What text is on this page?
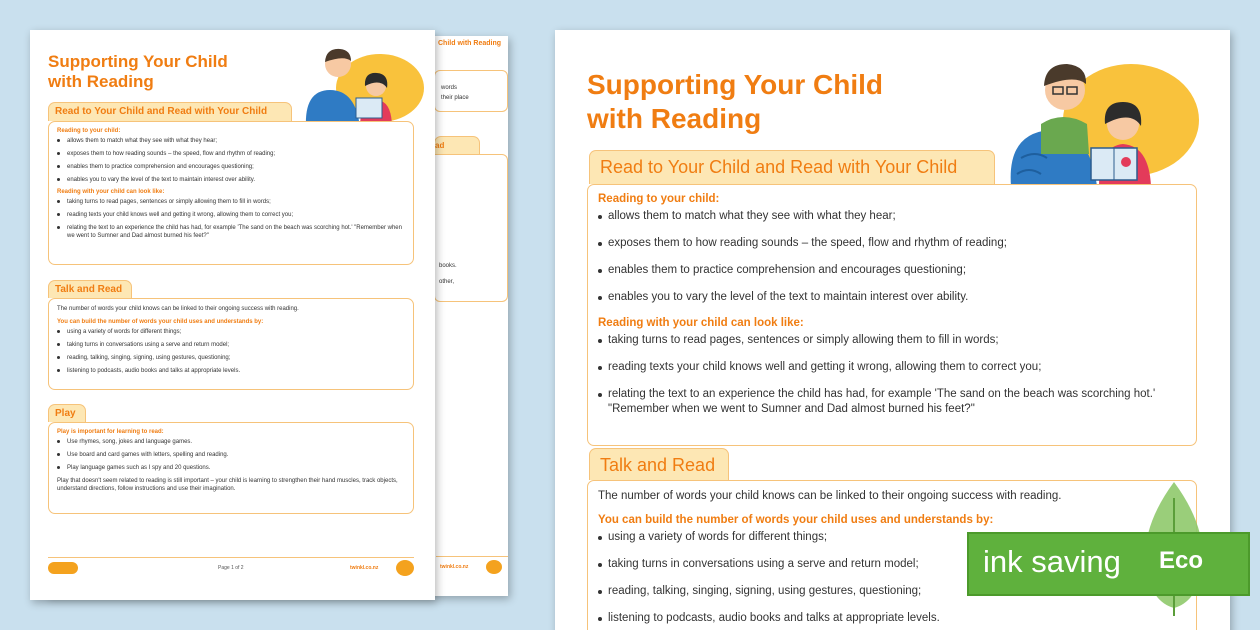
Child with Reading
words
their place
ad
books.
other,
twinkl.co.nz
Supporting Your Child
with Reading
Read to Your Child and Read with Your Child
Reading to your child:
allows them to match what they see with what they hear;
exposes them to how reading sounds – the speed, flow and rhythm of reading;
enables them to practice comprehension and encourages questioning;
enables you to vary the level of the text to maintain interest over ability.
Reading with your child can look like:
taking turns to read pages, sentences or simply allowing them to fill in words;
reading texts your child knows well and getting it wrong, allowing them to correct you;
relating the text to an experience the child has had, for example 'The sand on the beach was scorching hot.' "Remember when we went to Sumner and Dad almost burned his feet?"
Talk and Read
The number of words your child knows can be linked to their ongoing success with reading.
You can build the number of words your child uses and understands by:
using a variety of words for different things;
taking turns in conversations using a serve and return model;
reading, talking, singing, signing, using gestures, questioning;
listening to podcasts, audio books and talks at appropriate levels.
Play
Play is important for learning to read:
Use rhymes, song, jokes and language games.
Use board and card games with letters, spelling and reading.
Play language games such as I spy and 20 questions.
Play that doesn't seem related to reading is still important – your child is learning to strengthen their hand muscles, track objects, understand directions, follow instructions and use their imagination.
Page 1 of 2	twinkl.co.nz
Supporting Your Child
with Reading
Read to Your Child and Read with Your Child
Reading to your child:
allows them to match what they see with what they hear;
exposes them to how reading sounds – the speed, flow and rhythm of reading;
enables them to practice comprehension and encourages questioning;
enables you to vary the level of the text to maintain interest over ability.
Reading with your child can look like:
taking turns to read pages, sentences or simply allowing them to fill in words;
reading texts your child knows well and getting it wrong, allowing them to correct you;
relating the text to an experience the child has had, for example 'The sand on the beach was scorching hot.' "Remember when we went to Sumner and Dad almost burned his feet?"
Talk and Read
The number of words your child knows can be linked to their ongoing success with reading.
You can build the number of words your child uses and understands by:
using a variety of words for different things;
taking turns in conversations using a serve and return model;
reading, talking, singing, signing, using gestures, questioning;
listening to podcasts, audio books and talks at appropriate levels.
ink saving Eco
